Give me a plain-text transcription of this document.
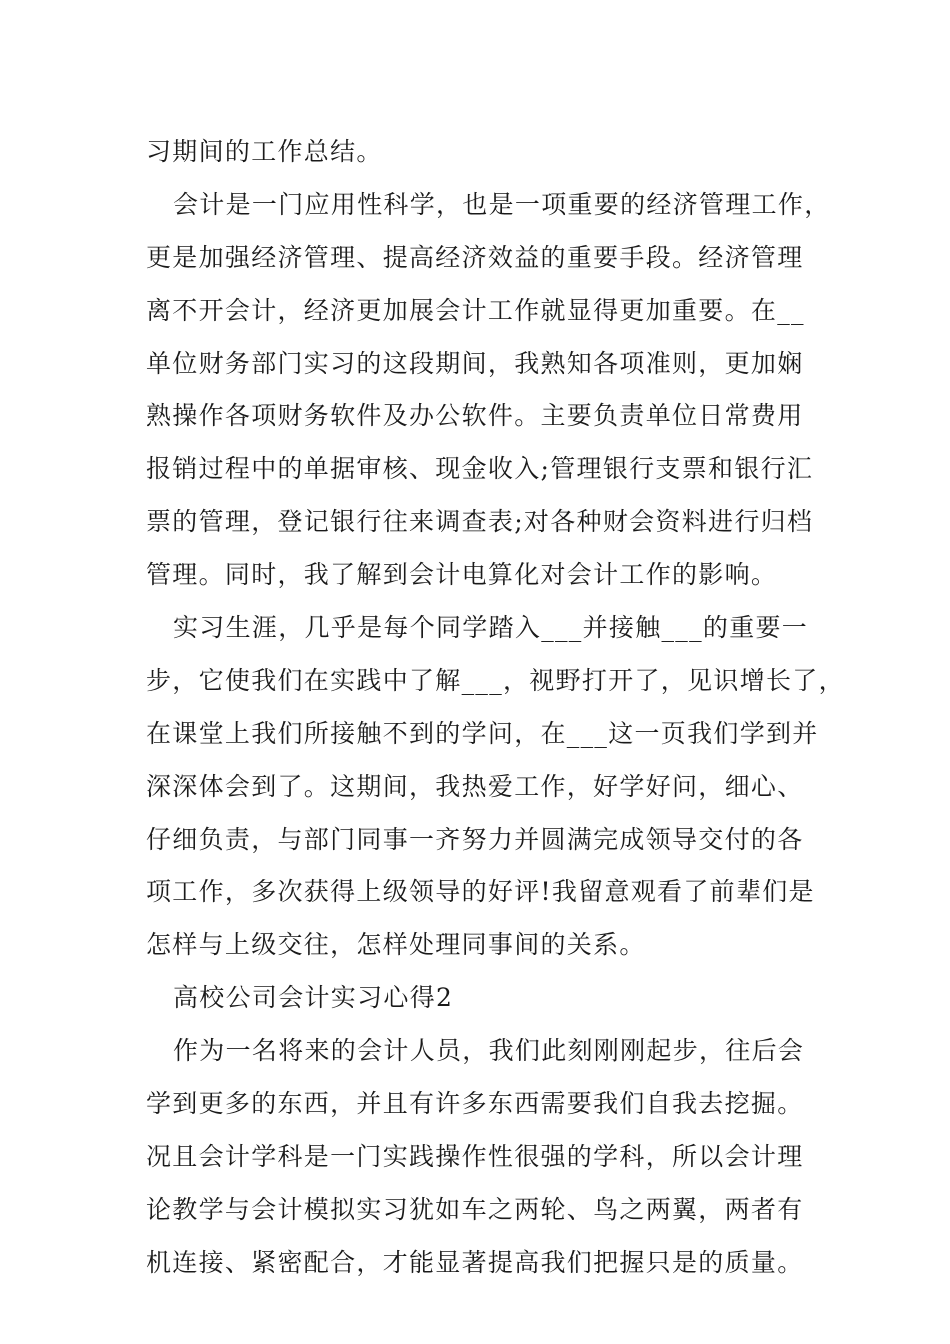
习期间的工作总结。
会计是一门应用性科学，也是一项重要的经济管理工作，
更是加强经济管理、提高经济效益的重要手段。经济管理
离不开会计，经济更加展会计工作就显得更加重要。在__
单位财务部门实习的这段期间，我熟知各项准则，更加娴
熟操作各项财务软件及办公软件。主要负责单位日常费用
报销过程中的单据审核、现金收入;管理银行支票和银行汇
票的管理，登记银行往来调查表;对各种财会资料进行归档
管理。同时，我了解到会计电算化对会计工作的影响。
实习生涯，几乎是每个同学踏入___并接触___的重要一
步，它使我们在实践中了解___，视野打开了，见识增长了，
在课堂上我们所接触不到的学问，在___这一页我们学到并
深深体会到了。这期间，我热爱工作，好学好问，细心、
仔细负责，与部门同事一齐努力并圆满完成领导交付的各
项工作，多次获得上级领导的好评!我留意观看了前辈们是
怎样与上级交往，怎样处理同事间的关系。
高校公司会计实习心得2
作为一名将来的会计人员，我们此刻刚刚起步，往后会
学到更多的东西，并且有许多东西需要我们自我去挖掘。
况且会计学科是一门实践操作性很强的学科，所以会计理
论教学与会计模拟实习犹如车之两轮、鸟之两翼，两者有
机连接、紧密配合，才能显著提高我们把握只是的质量。
